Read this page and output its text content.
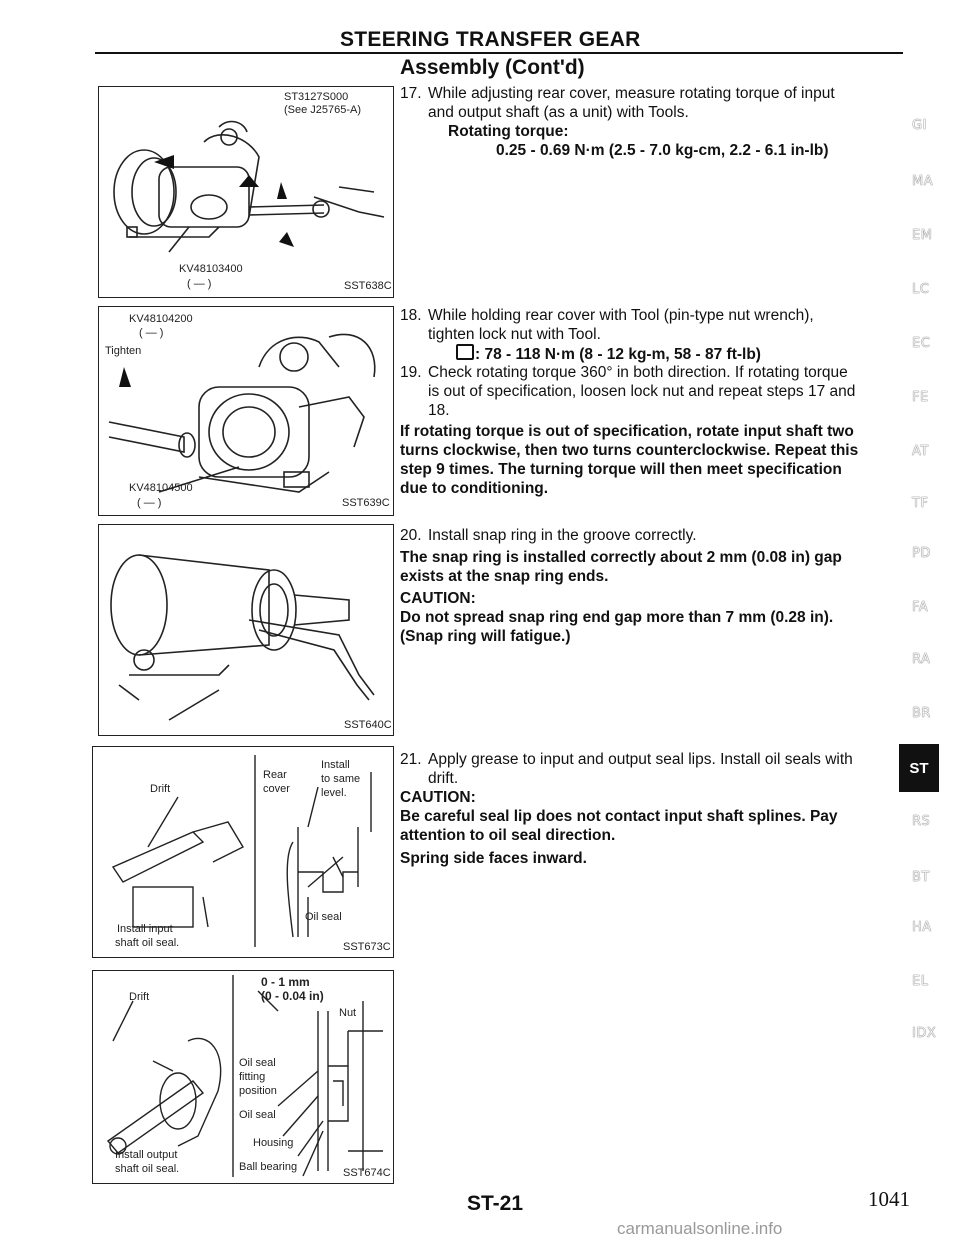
STEERING TRANSFER GEAR
Assembly (Cont'd)
ST3127S000
(See J25765-A)
KV48103400
( — )	SST638C
KV48104200
( — )
Tighten
KV48104500
( — )	SST639C
SST640C
Drift
Install input
shaft oil seal.
Rear
cover
Install
to same
level.
Oil seal
SST673C
Drift
Install output
shaft oil seal.
0 - 1 mm
(0 - 0.04 in)
Nut
Oil seal
fitting
position
Oil seal
Housing
Ball bearing	SST674C
17. While adjusting rear cover, measure rotating torque of input
and output shaft (as a unit) with Tools.
Rotating torque:
0.25 - 0.69 N·m (2.5 - 7.0 kg-cm, 2.2 - 6.1 in-lb)
18. While holding rear cover with Tool (pin-type nut wrench),
tighten lock nut with Tool.
: 78 - 118 N·m (8 - 12 kg-m, 58 - 87 ft-lb)
19. Check rotating torque 360° in both direction. If rotating torque
is out of specification, loosen lock nut and repeat steps 17 and
18.
If rotating torque is out of specification, rotate input shaft two
turns clockwise, then two turns counterclockwise. Repeat this
step 9 times. The turning torque will then meet specification
due to conditioning.
20. Install snap ring in the groove correctly.
The snap ring is installed correctly about 2 mm (0.08 in) gap
exists at the snap ring ends.
CAUTION:
Do not spread snap ring end gap more than 7 mm (0.28 in).
(Snap ring will fatigue.)
21. Apply grease to input and output seal lips. Install oil seals with
drift.
CAUTION:
Be careful seal lip does not contact input shaft splines. Pay
attention to oil seal direction.
Spring side faces inward.
GI
MA
EM
LC
EC
FE
AT
TF
PD
FA
RA
BR
ST
RS
BT
HA
EL
IDX
ST-21	1041
carmanualsonline.info
